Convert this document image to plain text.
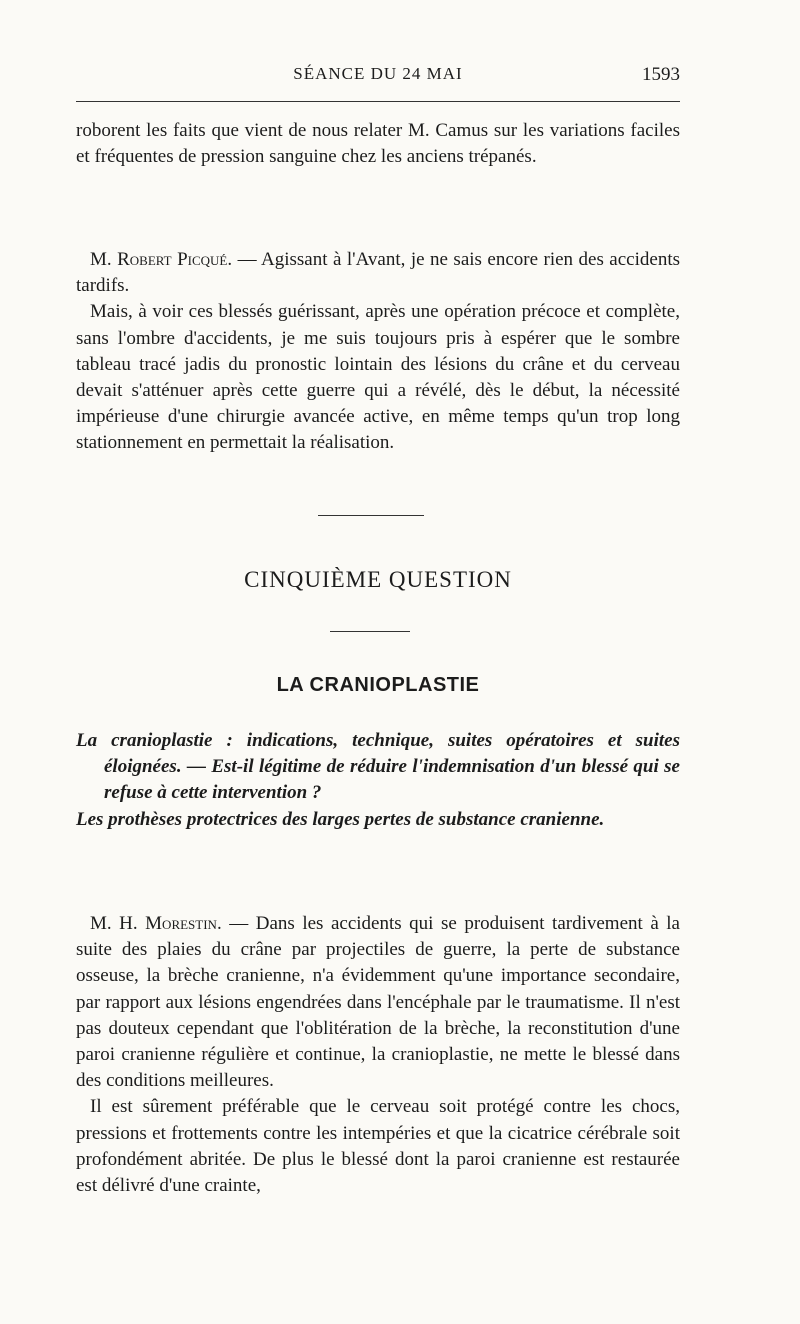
SÉANCE DU 24 MAI	1593

roborent les faits que vient de nous relater M. Camus sur les variations faciles et fréquentes de pression sanguine chez les anciens trépanés.

M. Robert Picqué. — Agissant à l'Avant, je ne sais encore rien des accidents tardifs.

Mais, à voir ces blessés guérissant, après une opération précoce et complète, sans l'ombre d'accidents, je me suis toujours pris à espérer que le sombre tableau tracé jadis du pronostic lointain des lésions du crâne et du cerveau devait s'atténuer après cette guerre qui a révélé, dès le début, la nécessité impérieuse d'une chirurgie avancée active, en même temps qu'un trop long stationnement en permettait la réalisation.

CINQUIÈME QUESTION
LA CRANIOPLASTIE

La cranioplastie : indications, technique, suites opératoires et suites éloignées. — Est-il légitime de réduire l'indemnisation d'un blessé qui se refuse à cette intervention ?

Les prothèses protectrices des larges pertes de substance cranienne.

M. H. Morestin. — Dans les accidents qui se produisent tardivement à la suite des plaies du crâne par projectiles de guerre, la perte de substance osseuse, la brèche cranienne, n'a évidemment qu'une importance secondaire, par rapport aux lésions engendrées dans l'encéphale par le traumatisme. Il n'est pas douteux cependant que l'oblitération de la brèche, la reconstitution d'une paroi cranienne régulière et continue, la cranioplastie, ne mette le blessé dans des conditions meilleures.

Il est sûrement préférable que le cerveau soit protégé contre les chocs, pressions et frottements contre les intempéries et que la cicatrice cérébrale soit profondément abritée. De plus le blessé dont la paroi cranienne est restaurée est délivré d'une crainte,
